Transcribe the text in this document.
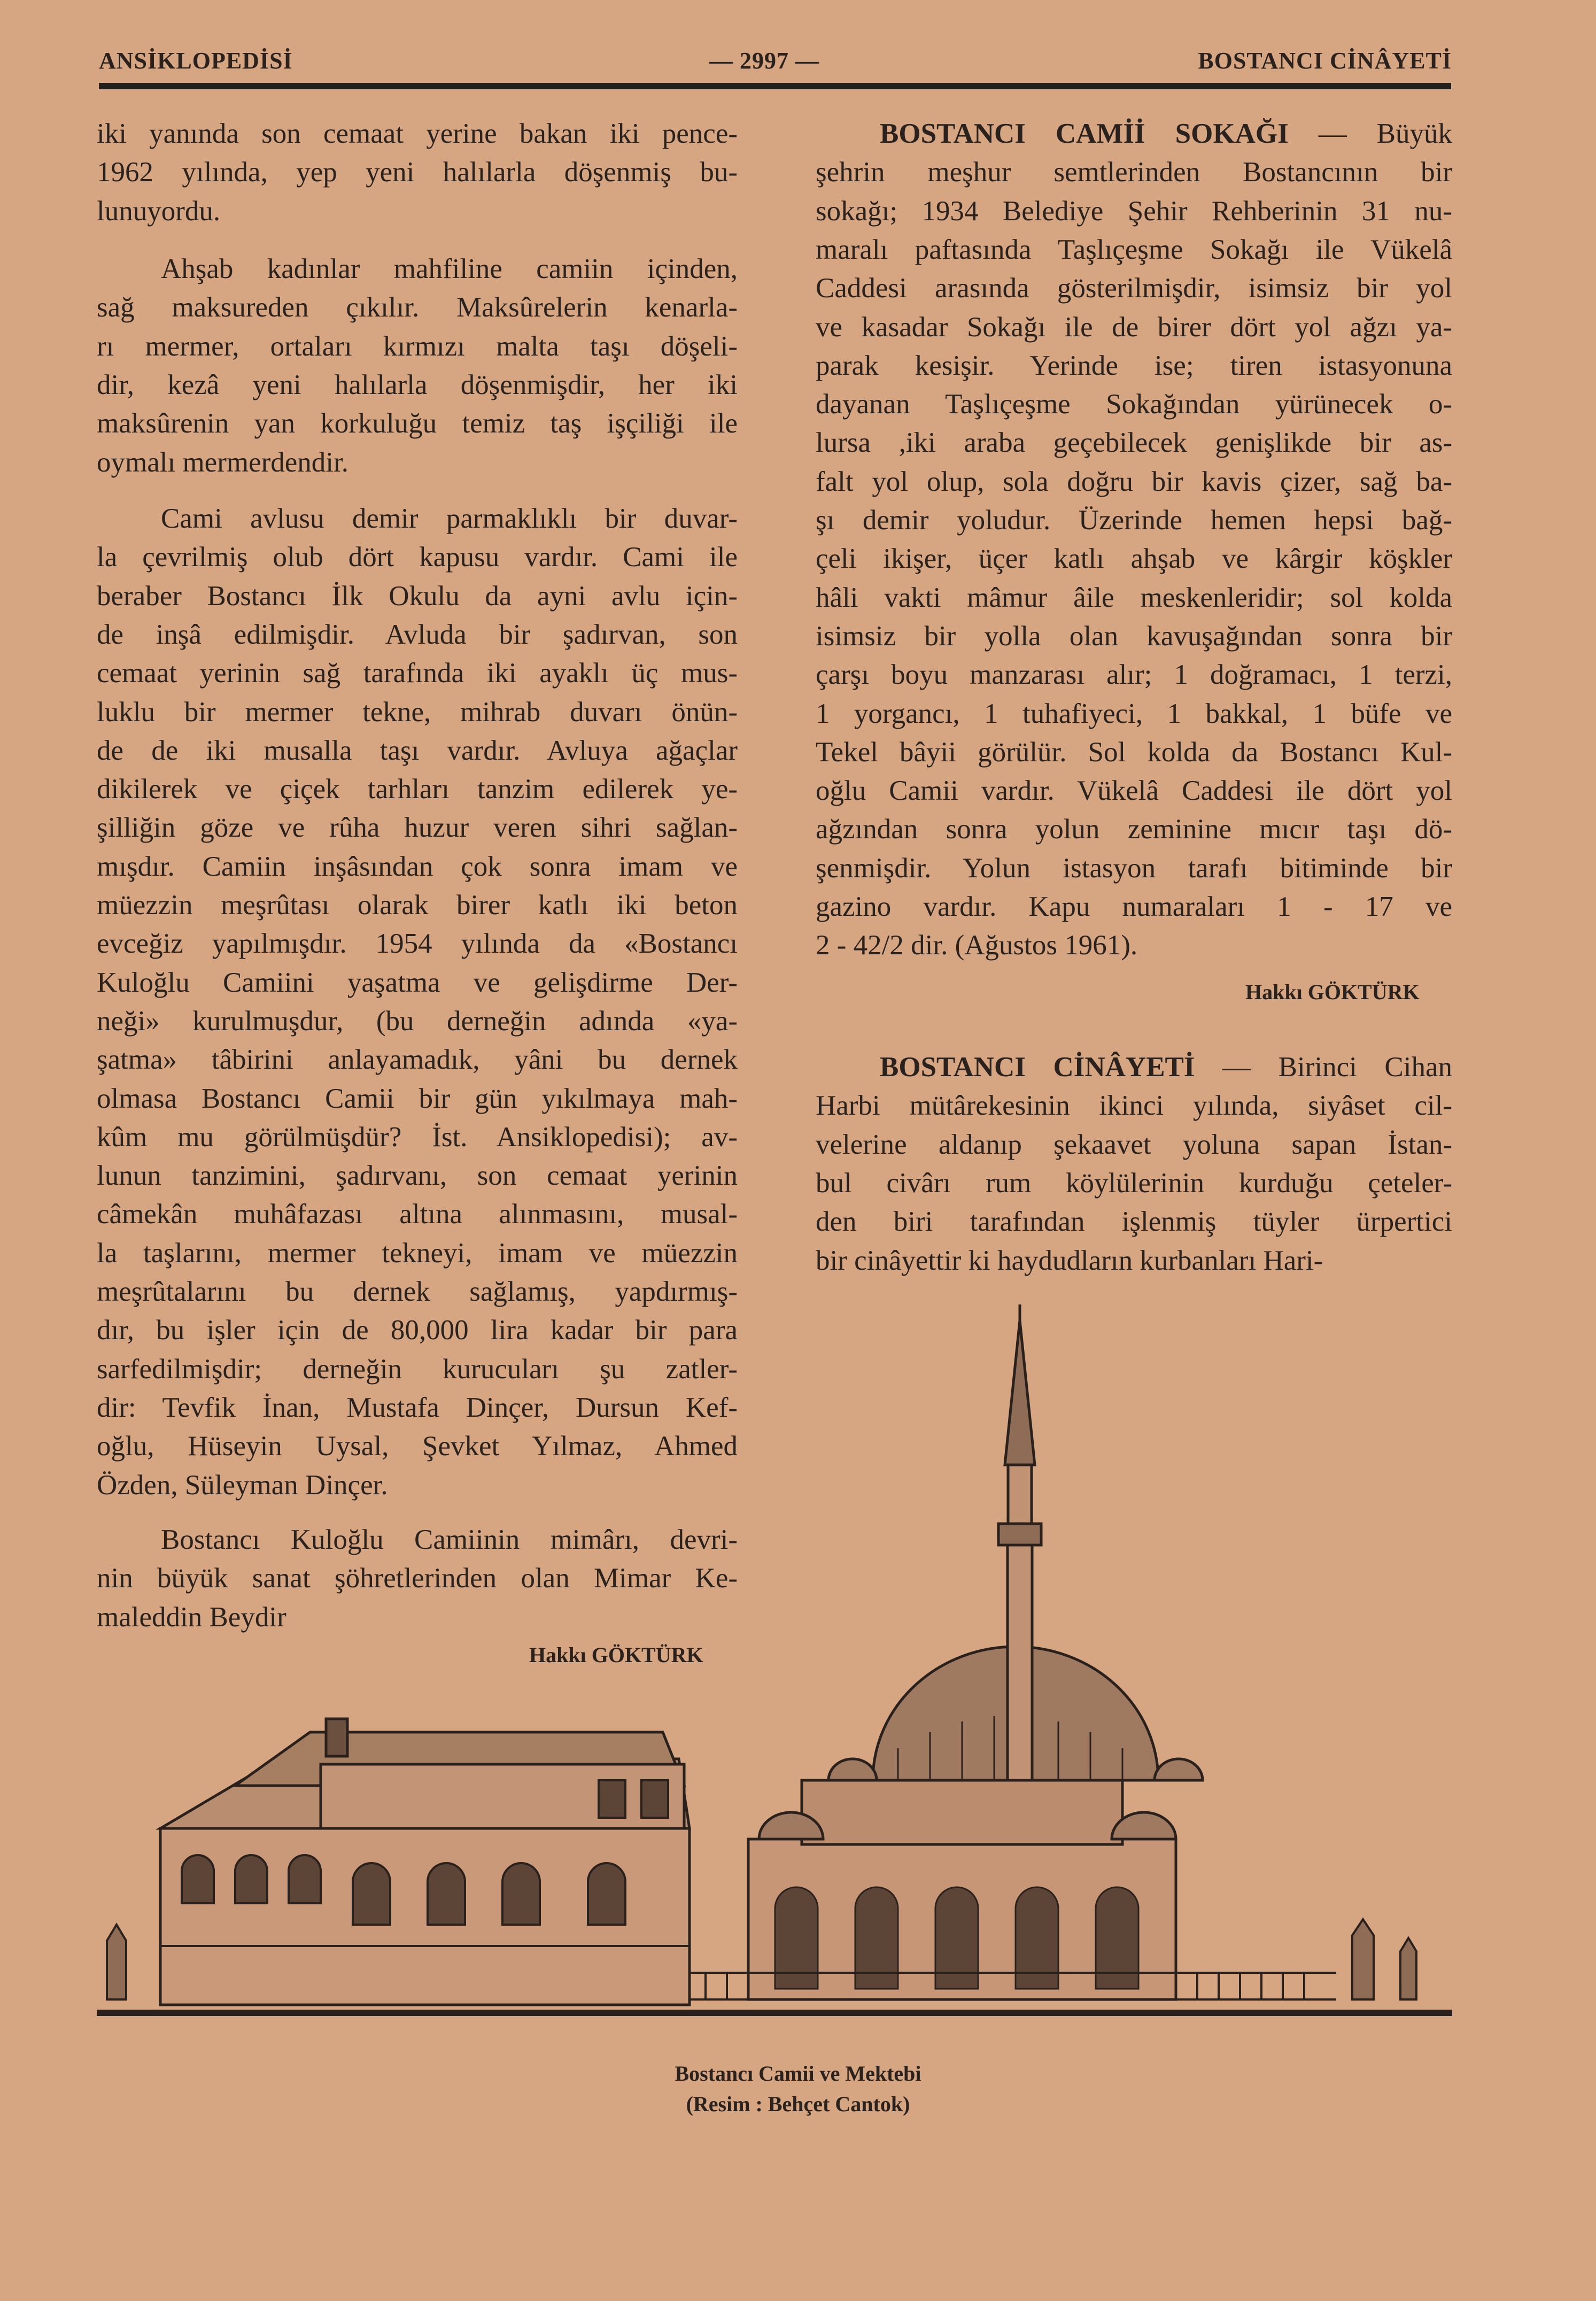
ANSİKLOPEDİSİ	— 2997 —	BOSTANCI CİNÂYETİ
iki yanında son cemaat yerine bakan iki pence-
1962 yılında, yep yeni halılarla döşenmiş bu-
lunuyordu.
Ahşab kadınlar mahfiline camiin içinden,
sağ maksureden çıkılır. Maksûrelerin kenarla-
rı mermer, ortaları kırmızı malta taşı döşeli-
dir, kezâ yeni halılarla döşenmişdir, her iki
maksûrenin yan korkuluğu temiz taş işçiliği ile
oymalı mermerdendir.
Cami avlusu demir parmaklıklı bir duvar-
la çevrilmiş olub dört kapusu vardır. Cami ile
beraber Bostancı İlk Okulu da ayni avlu için-
de inşâ edilmişdir. Avluda bir şadırvan, son
cemaat yerinin sağ tarafında iki ayaklı üç mus-
luklu bir mermer tekne, mihrab duvarı önün-
de de iki musalla taşı vardır. Avluya ağaçlar
dikilerek ve çiçek tarhları tanzim edilerek ye-
şilliğin göze ve rûha huzur veren sihri sağlan-
mışdır. Camiin inşâsından çok sonra imam ve
müezzin meşrûtası olarak birer katlı iki beton
evceğiz yapılmışdır. 1954 yılında da «Bostancı
Kuloğlu Camiini yaşatma ve gelişdirme Der-
neği» kurulmuşdur, (bu derneğin adında «ya-
şatma» tâbirini anlayamadık, yâni bu dernek
olmasa Bostancı Camii bir gün yıkılmaya mah-
kûm mu görülmüşdür? İst. Ansiklopedisi); av-
lunun tanzimini, şadırvanı, son cemaat yerinin
câmekân muhâfazası altına alınmasını, musal-
la taşlarını, mermer tekneyi, imam ve müezzin
meşrûtalarını bu dernek sağlamış, yapdırmış-
dır, bu işler için de 80,000 lira kadar bir para
sarfedilmişdir; derneğin kurucuları şu zatler-
dir: Tevfik İnan, Mustafa Dinçer, Dursun Kef-
oğlu, Hüseyin Uysal, Şevket Yılmaz, Ahmed
Özden, Süleyman Dinçer.
Bostancı Kuloğlu Camiinin mimârı, devri-
nin büyük sanat şöhretlerinden olan Mimar Ke-
maleddin Beydir
BOSTANCI CAMİİ SOKAĞI — Büyük
şehrin meşhur semtlerinden Bostancının bir
sokağı; 1934 Belediye Şehir Rehberinin 31 nu-
maralı paftasında Taşlıçeşme Sokağı ile Vükelâ
Caddesi arasında gösterilmişdir, isimsiz bir yol
ve kasadar Sokağı ile de birer dört yol ağzı ya-
parak kesişir. Yerinde ise; tiren istasyonuna
dayanan Taşlıçeşme Sokağından yürünecek o-
lursa ,iki araba geçebilecek genişlikde bir as-
falt yol olup, sola doğru bir kavis çizer, sağ ba-
şı demir yoludur. Üzerinde hemen hepsi bağ-
çeli ikişer, üçer katlı ahşab ve kârgir köşkler
hâli vakti mâmur âile meskenleridir; sol kolda
isimsiz bir yolla olan kavuşağından sonra bir
çarşı boyu manzarası alır; 1 doğramacı, 1 terzi,
1 yorgancı, 1 tuhafiyeci, 1 bakkal, 1 büfe ve
Tekel bâyii görülür. Sol kolda da Bostancı Kul-
oğlu Camii vardır. Vükelâ Caddesi ile dört yol
ağzından sonra yolun zeminine mıcır taşı dö-
şenmişdir. Yolun istasyon tarafı bitiminde bir
gazino vardır. Kapu numaraları 1 - 17 ve
2 - 42/2 dir. (Ağustos 1961).
BOSTANCI CİNÂYETİ — Birinci Cihan
Harbi mütârekesinin ikinci yılında, siyâset cil-
velerine aldanıp şekaavet yoluna sapan İstan-
bul civârı rum köylülerinin kurduğu çeteler-
den biri tarafından işlenmiş tüyler ürpertici
bir cinâyettir ki haydudların kurbanları Hari-
Hakkı GÖKTÜRK
Hakkı GÖKTÜRK
Bostancı Camii ve Mektebi
(Resim : Behçet Cantok)
